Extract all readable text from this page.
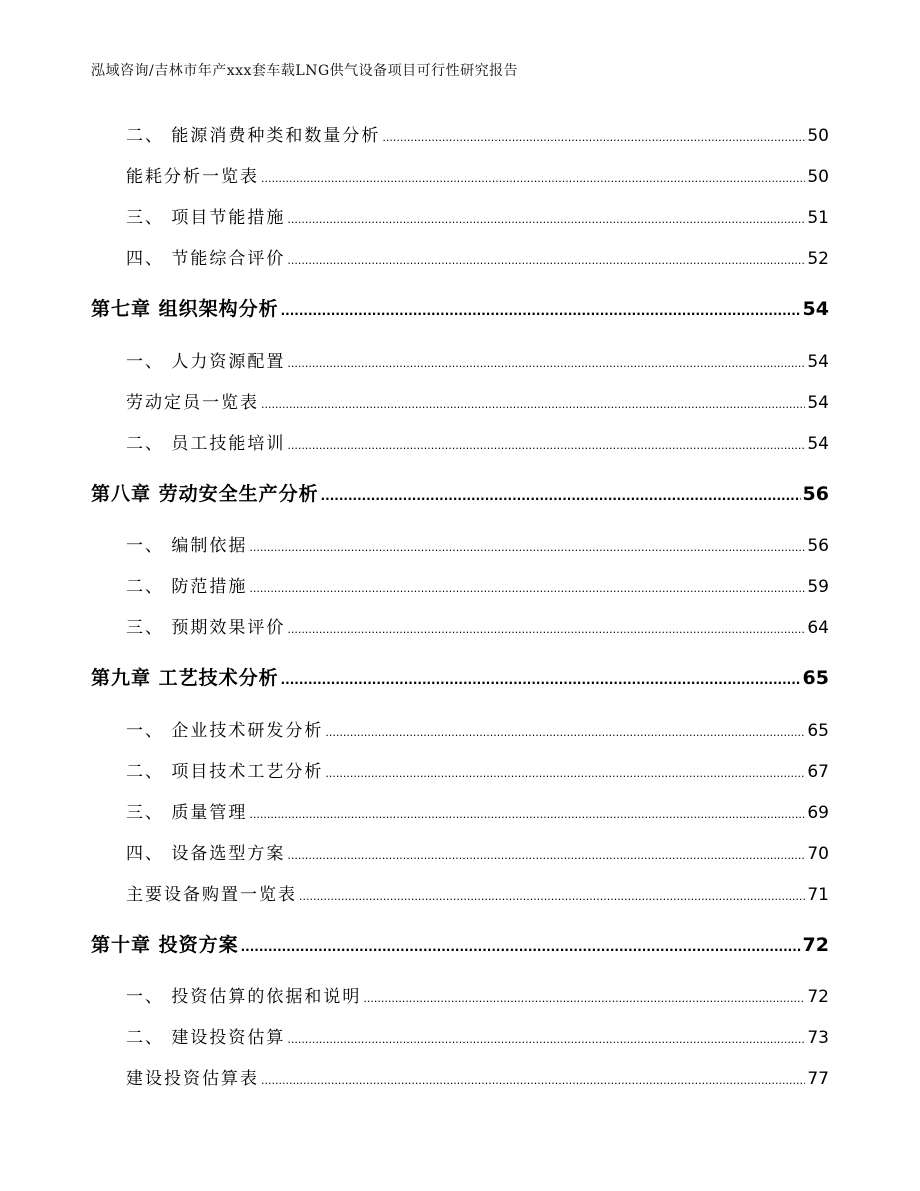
泓域咨询/吉林市年产xxx套车载LNG供气设备项目可行性研究报告
二、 能源消费种类和数量分析 .....	50
能耗分析一览表 .....	50
三、 项目节能措施 .....	51
四、 节能综合评价 .....	52
第七章 组织架构分析 .....	54
一、 人力资源配置 .....	54
劳动定员一览表 .....	54
二、 员工技能培训 .....	54
第八章 劳动安全生产分析 .....	56
一、 编制依据 .....	56
二、 防范措施 .....	59
三、 预期效果评价 .....	64
第九章 工艺技术分析 .....	65
一、 企业技术研发分析 .....	65
二、 项目技术工艺分析 .....	67
三、 质量管理 .....	69
四、 设备选型方案 .....	70
主要设备购置一览表 .....	71
第十章 投资方案 .....	72
一、 投资估算的依据和说明 .....	72
二、 建设投资估算 .....	73
建设投资估算表 .....	77
